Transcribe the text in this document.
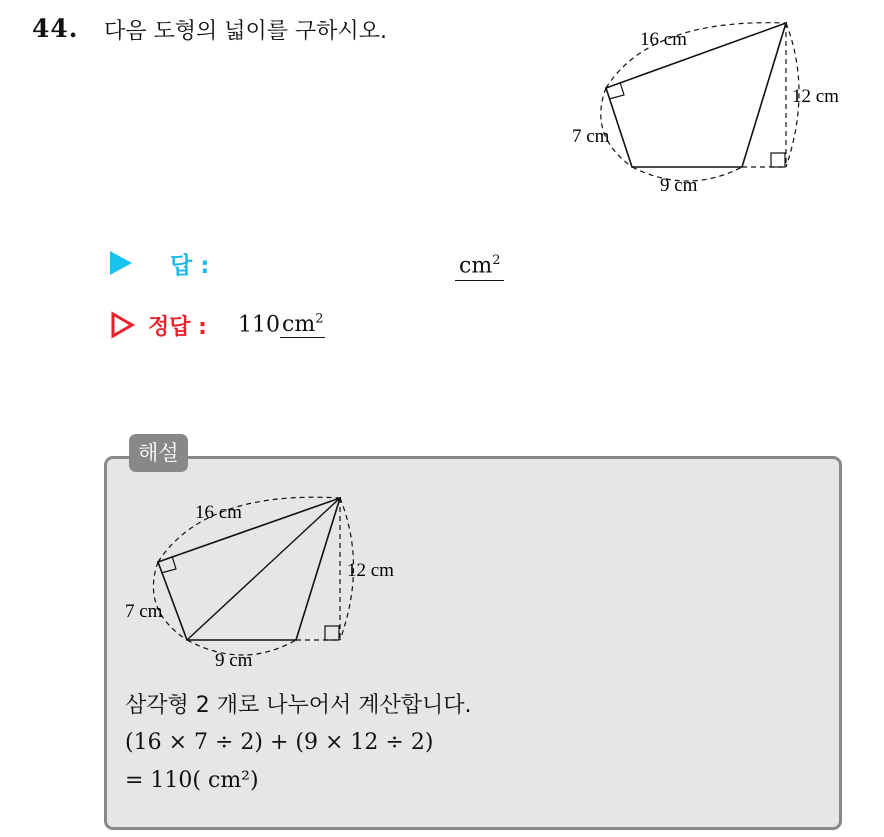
44. 다음 도형의 넓이를 구하시오.	16 cm
12 cm
7 cm
9 cm
답 :	$cm^2$
정답 : $110cm^2$
해설
16 cm
12 cm
7 cm
9 cm
삼각형 2 개로 나누어서 계산합니다.
(16 × 7 ÷ 2) + (9 × 12 ÷ 2)
= 110( cm²)
